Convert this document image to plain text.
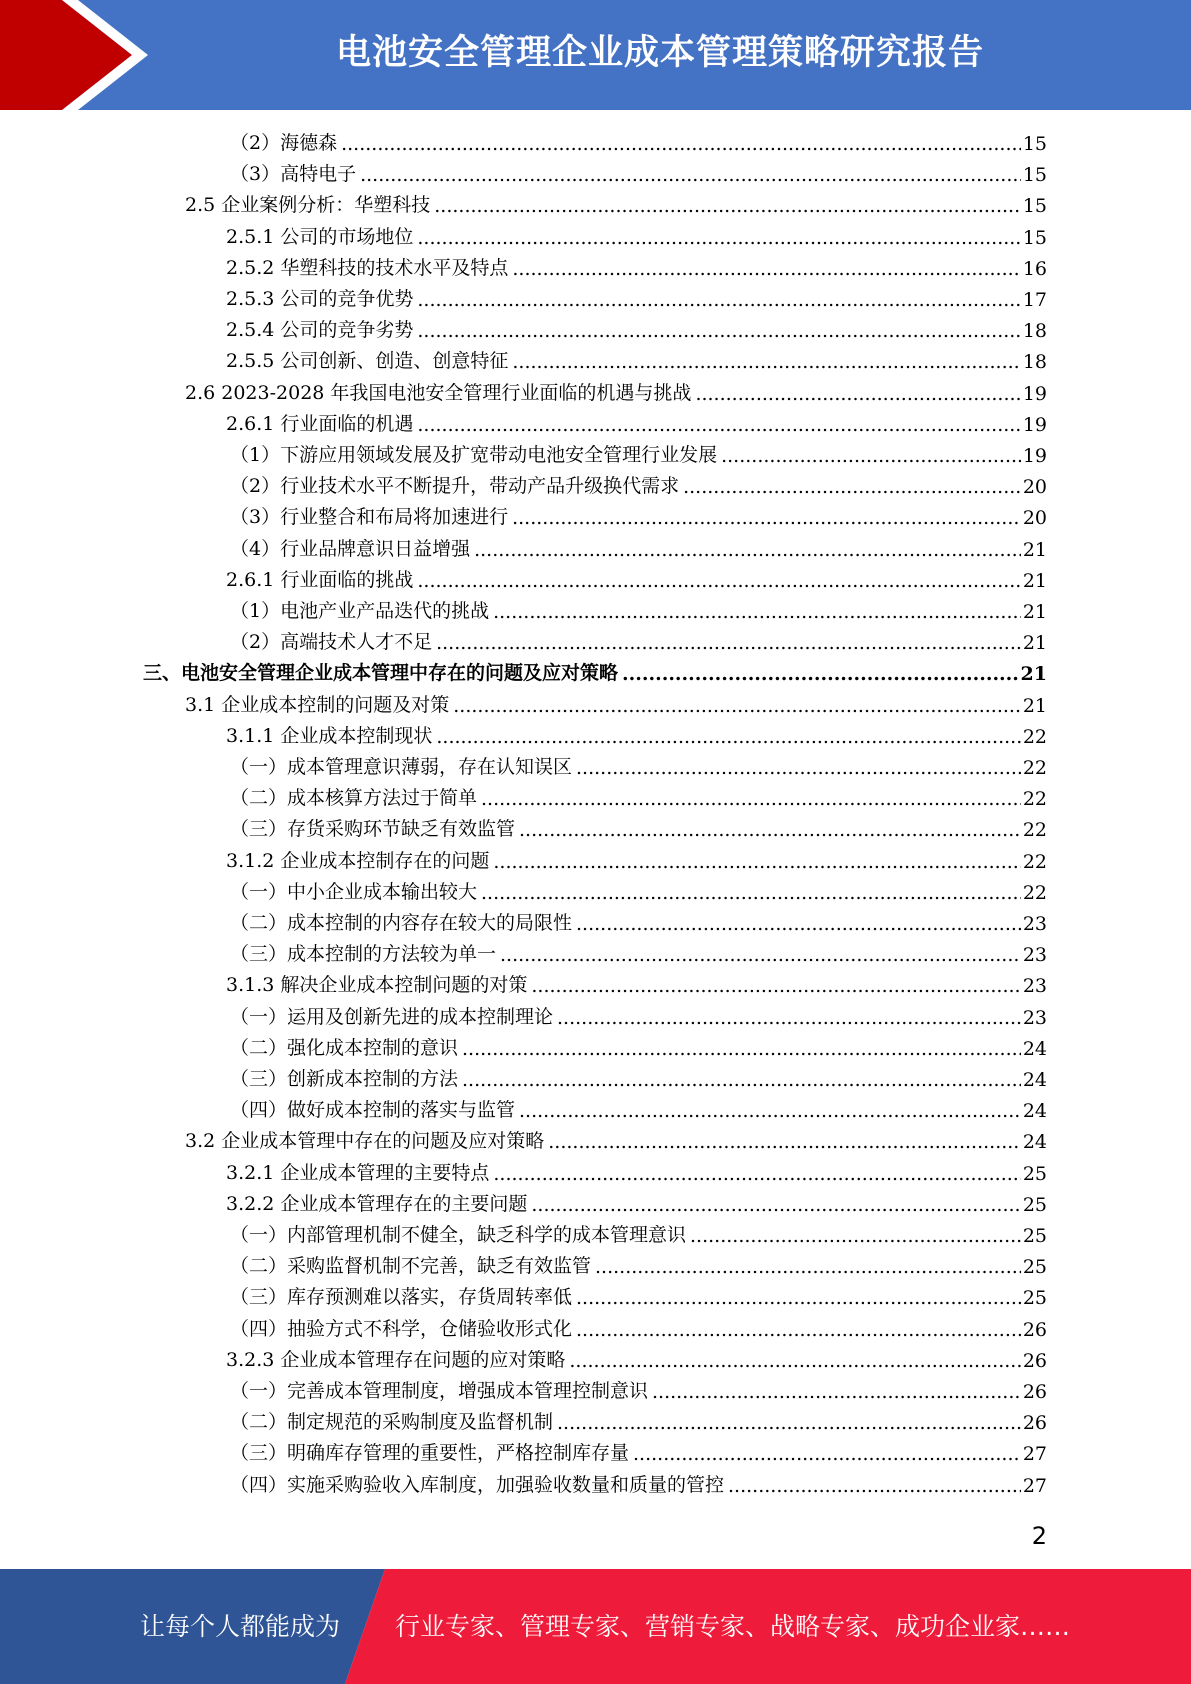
电池安全管理企业成本管理策略研究报告
（2）海德森 .....	15
（3）高特电子 .....	15
2.5 企业案例分析：华塑科技 .....	15
2.5.1 公司的市场地位 .....	15
2.5.2 华塑科技的技术水平及特点 .....	16
2.5.3 公司的竞争优势 .....	17
2.5.4 公司的竞争劣势 .....	18
2.5.5 公司创新、创造、创意特征 .....	18
2.6 2023-2028 年我国电池安全管理行业面临的机遇与挑战 .....	19
2.6.1 行业面临的机遇 .....	19
（1）下游应用领域发展及扩宽带动电池安全管理行业发展 .....	19
（2）行业技术水平不断提升，带动产品升级换代需求 .....	20
（3）行业整合和布局将加速进行 .....	20
（4）行业品牌意识日益增强 .....	21
2.6.1 行业面临的挑战 .....	21
（1）电池产业产品迭代的挑战 .....	21
（2）高端技术人才不足 .....	21
三、电池安全管理企业成本管理中存在的问题及应对策略 .....	21
3.1 企业成本控制的问题及对策 .....	21
3.1.1 企业成本控制现状 .....	22
（一）成本管理意识薄弱，存在认知误区 .....	22
（二）成本核算方法过于简单 .....	22
（三）存货采购环节缺乏有效监管 .....	22
3.1.2 企业成本控制存在的问题 .....	22
（一）中小企业成本输出较大 .....	22
（二）成本控制的内容存在较大的局限性 .....	23
（三）成本控制的方法较为单一 .....	23
3.1.3 解决企业成本控制问题的对策 .....	23
（一）运用及创新先进的成本控制理论 .....	23
（二）强化成本控制的意识 .....	24
（三）创新成本控制的方法 .....	24
（四）做好成本控制的落实与监管 .....	24
3.2 企业成本管理中存在的问题及应对策略 .....	24
3.2.1 企业成本管理的主要特点 .....	25
3.2.2 企业成本管理存在的主要问题 .....	25
（一）内部管理机制不健全，缺乏科学的成本管理意识 .....	25
（二）采购监督机制不完善，缺乏有效监管 .....	25
（三）库存预测难以落实，存货周转率低 .....	25
（四）抽验方式不科学，仓储验收形式化 .....	26
3.2.3 企业成本管理存在问题的应对策略 .....	26
（一）完善成本管理制度，增强成本管理控制意识 .....	26
（二）制定规范的采购制度及监督机制 .....	26
（三）明确库存管理的重要性，严格控制库存量 .....	27
（四）实施采购验收入库制度，加强验收数量和质量的管控 .....	27
2
让每个人都能成为 行业专家、管理专家、营销专家、战略专家、成功企业家……
